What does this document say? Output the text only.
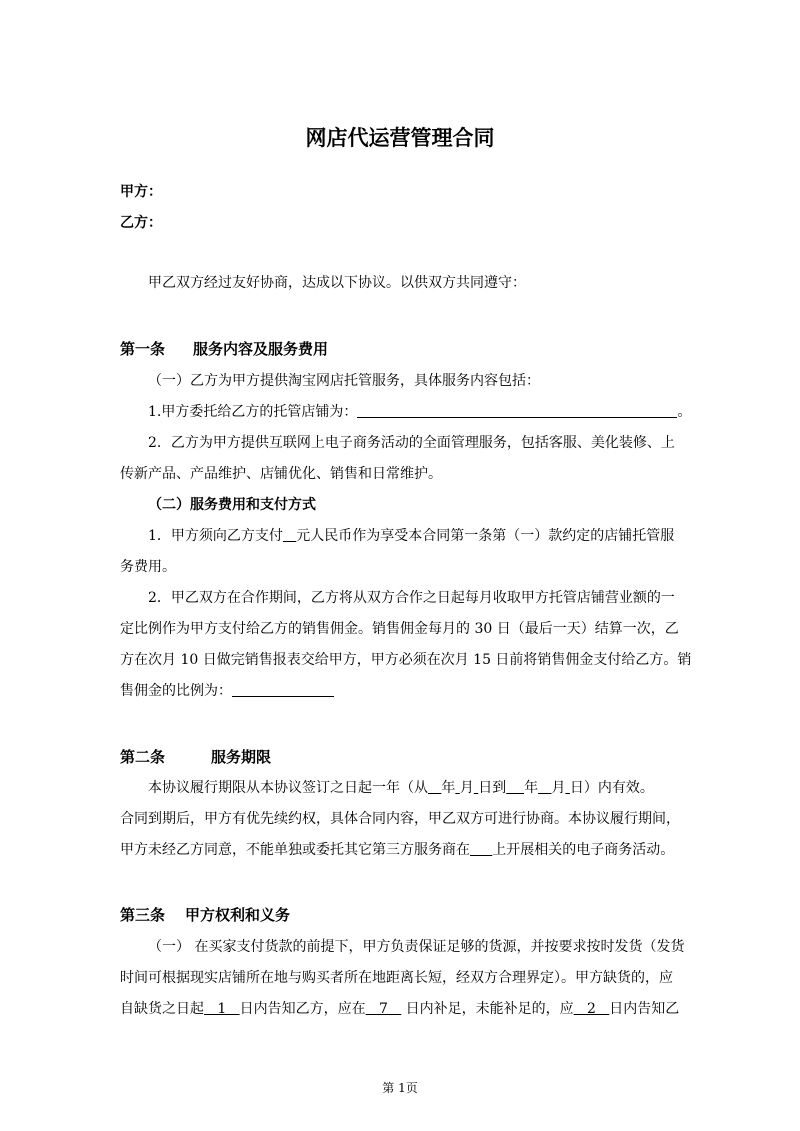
网店代运营管理合同
甲方：
乙方：
甲乙双方经过友好协商，达成以下协议。以供双方共同遵守：
第一条 服务内容及服务费用
（一）乙方为甲方提供淘宝网店托管服务，具体服务内容包括：
1.甲方委托给乙方的托管店铺为：	。
2．乙方为甲方提供互联网上电子商务活动的全面管理服务，包括客服、美化装修、上
传新产品、产品维护、店铺优化、销售和日常维护。
（二）服务费用和支付方式
1．甲方须向乙方支付 元人民币作为享受本合同第一条第（一）款约定的店铺托管服
务费用。
2．甲乙双方在合作期间，乙方将从双方合作之日起每月收取甲方托管店铺营业额的一
定比例作为甲方支付给乙方的销售佣金。销售佣金每月的 30 日（最后一天）结算一次，乙
方在次月 10 日做完销售报表交给甲方，甲方必须在次月 15 日前将销售佣金支付给乙方。销
售佣金的比例为：
第二条	服务期限
本协议履行期限从本协议签订之日起一年（从 年 月 日到 年 月 日）内有效。
合同到期后，甲方有优先续约权，具体合同内容，甲乙双方可进行协商。本协议履行期间，
甲方未经乙方同意，不能单独或委托其它第三方服务商在 上开展相关的电子商务活动。
第三条 甲方权利和义务
（一） 在买家支付货款的前提下，甲方负责保证足够的货源，并按要求按时发货（发货
时间可根据现实店铺所在地与购买者所在地距离长短，经双方合理界定）。甲方缺货的，应
自缺货之日起   1   日内告知乙方，应在   7    日内补足，未能补足的，应   2   日内告知乙
第 1页
